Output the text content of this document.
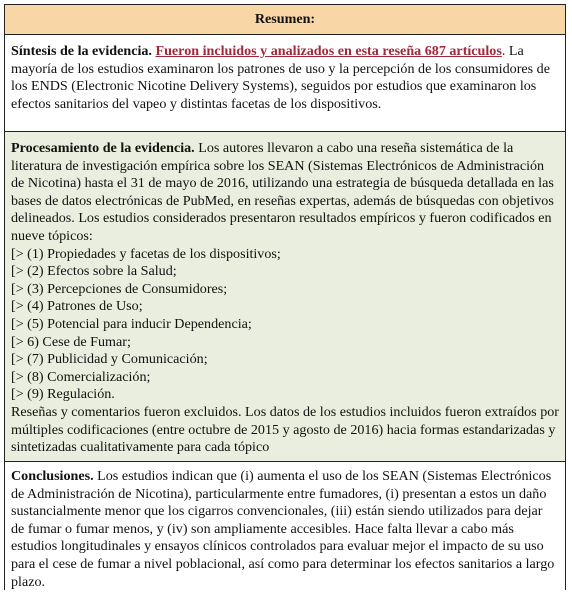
Resumen:
Síntesis de la evidencia. Fueron incluidos y analizados en esta reseña 687 artículos. La mayoría de los estudios examinaron los patrones de uso y la percepción de los consumidores de los ENDS (Electronic Nicotine Delivery Systems), seguidos por estudios que examinaron los efectos sanitarios del vapeo y distintas facetas de los dispositivos.
Procesamiento de la evidencia. Los autores llevaron a cabo una reseña sistemática de la literatura de investigación empírica sobre los SEAN (Sistemas Electrónicos de Administración de Nicotina) hasta el 31 de mayo de 2016, utilizando una estrategia de búsqueda detallada en las bases de datos electrónicas de PubMed, en reseñas expertas, además de búsquedas con objetivos delineados. Los estudios considerados presentaron resultados empíricos y fueron codificados en nueve tópicos:
[> (1) Propiedades y facetas de los dispositivos;
[> (2) Efectos sobre la Salud;
[> (3) Percepciones de Consumidores;
[> (4) Patrones de Uso;
[> (5) Potencial para inducir Dependencia;
[> 6) Cese de Fumar;
[> (7) Publicidad y Comunicación;
[> (8) Comercialización;
[> (9) Regulación.
Reseñas y comentarios fueron excluidos. Los datos de los estudios incluidos fueron extraídos por múltiples codificaciones (entre octubre de 2015 y agosto de 2016) hacia formas estandarizadas y sintetizadas cualitativamente para cada tópico
Conclusiones. Los estudios indican que (i) aumenta el uso de los SEAN (Sistemas Electrónicos de Administración de Nicotina), particularmente entre fumadores, (i) presentan a estos un daño sustancialmente menor que los cigarros convencionales, (iii) están siendo utilizados para dejar de fumar o fumar menos, y (iv) son ampliamente accesibles. Hace falta llevar a cabo más estudios longitudinales y ensayos clínicos controlados para evaluar mejor el impacto de su uso para el cese de fumar a nivel poblacional, así como para determinar los efectos sanitarios a largo plazo.
